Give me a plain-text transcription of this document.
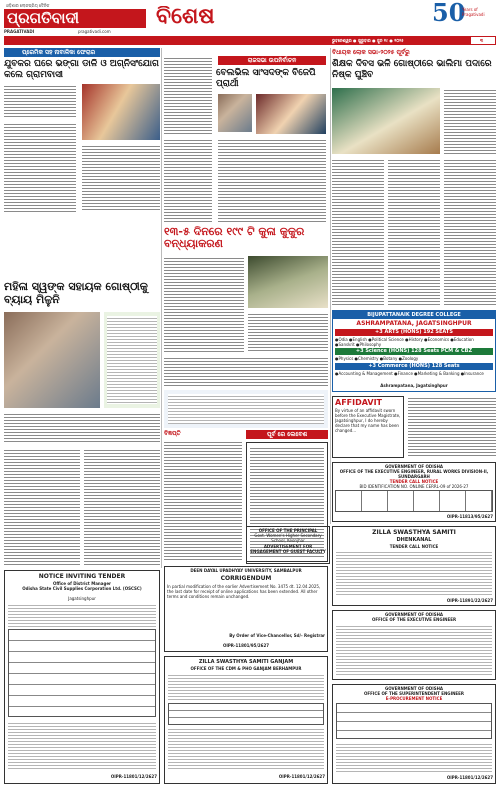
ଓଡ଼ିଶାର ଲୋକପ୍ରିୟ ଦୈନିକ
ପ୍ରଗତିବାଦୀ
PRAGATIVADI	pragativadi.com
ବିଶେଷ	50
Years of Pragativadi
ଭୁବନେଶ୍ୱର ● ଗୁରୁବାର ● ଜୁନ ୧୯ ● ୨୦୨୫	୩
ପ୍ରେମିକ ସହ ନାବାଳିକା ଫେରାର
ଯୁବକର ଘରେ ଭଙ୍ଗା ଡାଳି ଓ ଅଗ୍ନିସଂଯୋଗ କଲେ ଗ୍ରାମବାସୀ
ରାଜସଭା ଉପନିର୍ବାଚନ
ବେଲଭିଲ ସାଂସଦଙ୍କ ବିଜେପି ପ୍ରାର୍ଥୀ
ବିଧାୟକ ଲୋକ ସଭା-୨୦୨୫ ପୂର୍ବରୁ
ଶିକ୍ଷକ ଦିବସ ଭଳି ଗୋଷ୍ଠୀରେ ଭାଲିମା ପଦାରେ ନିଷ୍କ ଘୁଞ୍ଚିବ
୧୩-୫ ଦିନରେ ୧୯୯ ଟି କୁଳା କୁକୁର ବନ୍ଧ୍ୟାକରଣ
ମହିଳା ସ୍ୱଙ୍କ ସହାୟକ ଗୋଷ୍ଠୀକୁ ବ୍ୟାୟ ମିଳୁନି
ବିଜ୍ଞପ୍ତି	ପୂର୍ବ ରେ ଲେବେଶ
BIJUPATTANAIK DEGREE COLLEGE
ASHRAMPATANA, JAGATSINGHPUR
+3 ARTS (HONS) 192 SEATS
●Odia ●English ●Political Science ●History ●Economics ●Education ●Sanskrit ●Philosophy
+3 Science (HONS) 128 Seats PCM & CBZ
●Physics ●Chemistry ●Botany ●Zoology
+3 Commerce (HONS) 128 Seats
●Accounting & Management ●Finance ●Marketing & Banking ●Insurance
Ashrampatana, Jagatsinghpur
AFFIDAVIT
By virtue of an affidavit sworn before the Executive Magistrate, Jagatsinghpur, I do hereby declare that my name has been changed...
GOVERNMENT OF ODISHA
OFFICE OF THE EXECUTIVE ENGINEER, RURAL WORKS DIVISION-II, SUNDARGARH
TENDER CALL NOTICE
BID IDENTIFICATION NO. ONLINE CERRL-09 of 2026-27
OIPR-11813/95/2627
DEEN DAYAL UPADHYAY UNIVERSITY, SAMBALPUR
CORRIGENDUM
In partial modification of the earlier Advertisement No. 3475 dt. 12.04.2025, the last date for receipt of online applications has been extended. All other terms and conditions remain unchanged.
By Order of Vice-Chancellor, Sd/- Registrar
OIPR-11801/95/2627
OFFICE OF THE PRINCIPAL
Govt. Women's Higher Secondary School, Keonjhar
ADVERTISEMENT FOR
ENGAGEMENT OF GUEST FACULTY
ZILLA SWASTHYA SAMITI
DHENKANAL
TENDER CALL NOTICE
OIPR-11891/22/2627
NOTICE INVITING TENDER
Office of District Manager
Odisha State Civil Supplies Corporation Ltd. (OSCSC)
Jagatsinghpur
OIPR-11801/12/2627
ZILLA SWASTHYA SAMITI GANJAM
OFFICE OF THE CDM & PHO GANJAM BERHAMPUR
OIPR-11801/12/2627
GOVERNMENT OF ODISHA
OFFICE OF THE EXECUTIVE ENGINEER
GOVERNMENT OF ODISHA
OFFICE OF THE SUPERINTENDENT ENGINEER
E-PROCUREMENT NOTICE
OIPR-11801/12/2627
